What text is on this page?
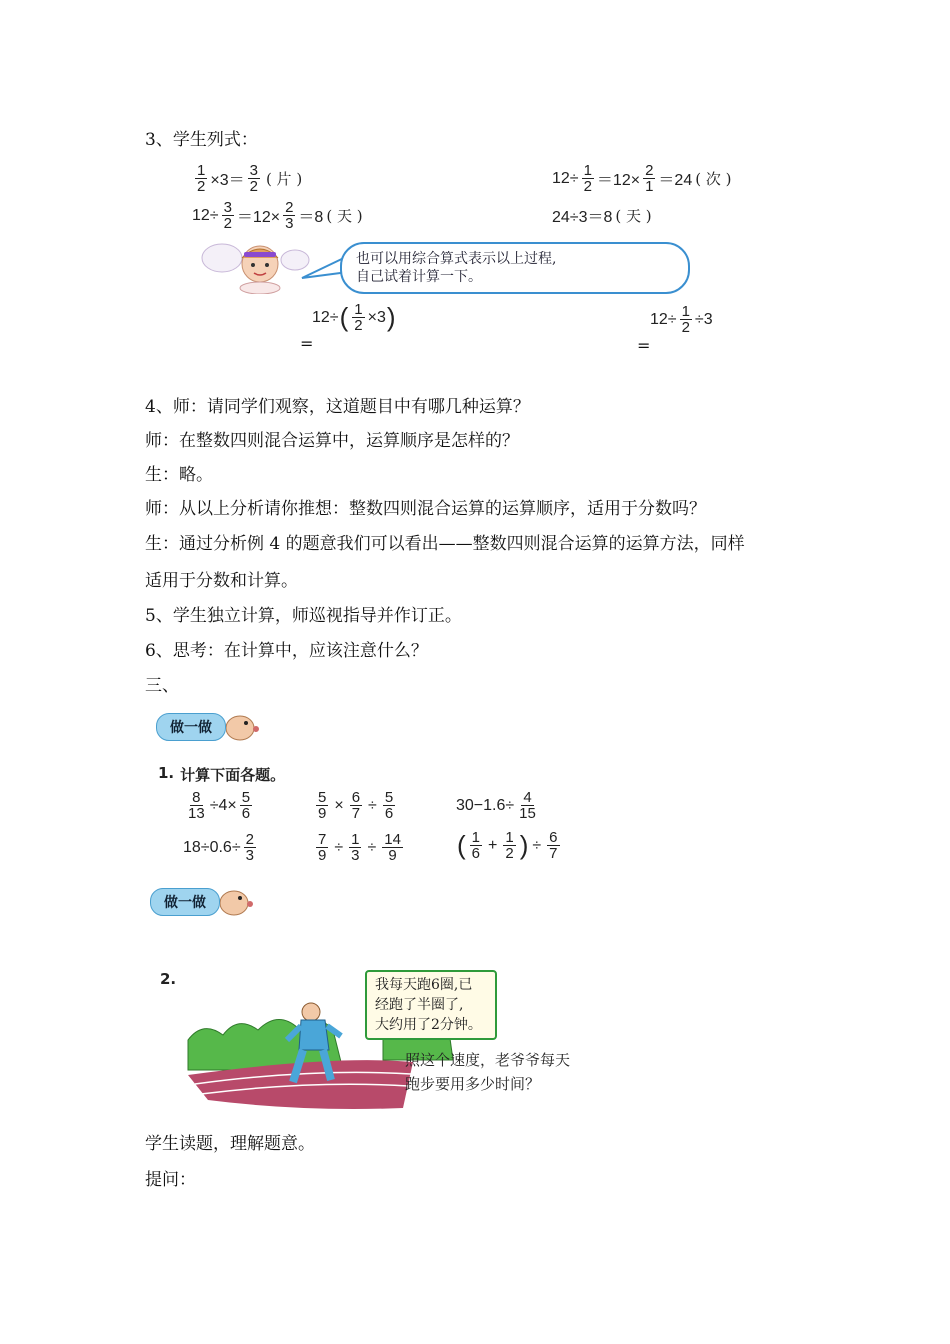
3、学生列式：
$\frac{1}{2} \times 3= \frac{3}{2}$ ( 片 )
$12\div \frac{3}{2} =12\times \frac{2}{3} =8$ ( 天 )
$12\div \frac{1}{2} =12\times \frac{2}{1} =24$ ( 次 )
24÷3＝8 ( 天 )
也可以用综合算式表示以上过程,
自己试着计算一下。
12÷ ( $\frac{1}{2} \times 3$ )
=
$12\div \frac{1}{2} \div 3$
=
4、师：请同学们观察，这道题目中有哪几种运算？
师：在整数四则混合运算中，运算顺序是怎样的？
生：略。
师：从以上分析请你推想：整数四则混合运算的运算顺序，适用于分数吗？
生：通过分析例 4 的题意我们可以看出——整数四则混合运算的运算方法，同样
适用于分数和计算。
5、学生独立计算，师巡视指导并作订正。
6、思考：在计算中，应该注意什么？
三、
做一做
1. 计算下面各题。
$\frac{8}{13} \div 4\times \frac{5}{6}$	$\frac{5}{9} \times \frac{6}{7} \div \frac{5}{6}$	$30-1.6\div \frac{4}{15}$
$18\div 0.6\div \frac{2}{3}$	$\frac{7}{9} \div \frac{1}{3} \div \frac{14}{9}$ ( $\frac{1}{6} + \frac{1}{2}$ ) ÷ $\frac{6}{7}$
做一做
2.	我每天跑6圈,已
经跑了半圈了,
大约用了2分钟。
照这个速度，老爷爷每天
跑步要用多少时间？
学生读题，理解题意。
提问：
